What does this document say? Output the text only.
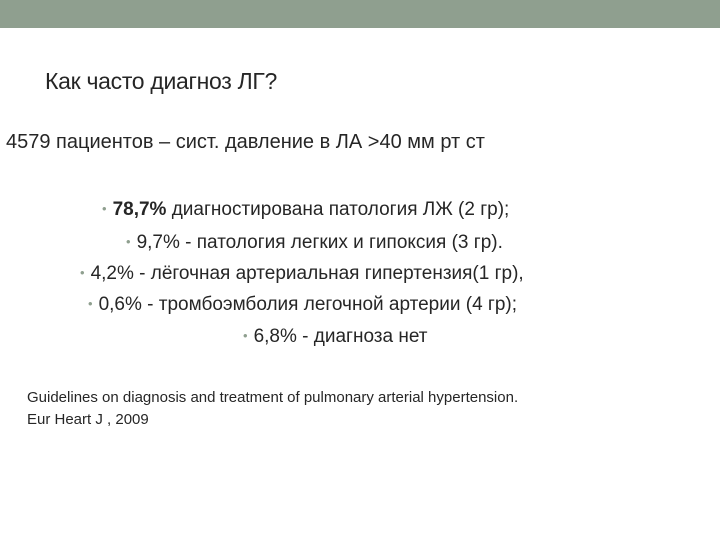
Как часто диагноз ЛГ?
4579 пациентов – сист. давление в ЛА >40 мм рт ст
• 78,7% диагностирована патология ЛЖ (2 гр);
• 9,7% - патология легких и гипоксия (3 гр).
• 4,2% - лёгочная артериальная гипертензия(1 гр),
• 0,6% - тромбоэмболия легочной артерии (4 гр);
• 6,8% - диагноза нет
Guidelines on diagnosis and treatment of pulmonary arterial hypertension.
Eur Heart J , 2009
